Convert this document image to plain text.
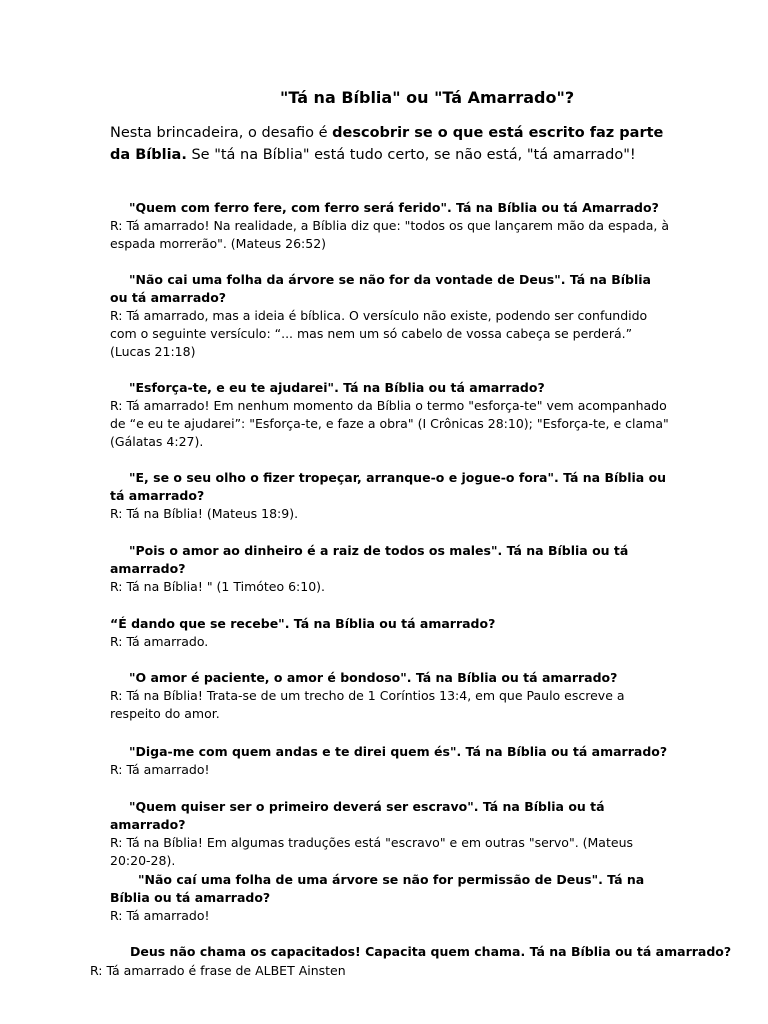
"Tá na Bíblia" ou "Tá Amarrado"?
Nesta brincadeira, o desafio é descobrir se o que está escrito faz parte da Bíblia. Se "tá na Bíblia" está tudo certo, se não está, "tá amarrado"!

"Quem com ferro fere, com ferro será ferido". Tá na Bíblia ou tá Amarrado?

R: Tá amarrado! Na realidade, a Bíblia diz que: "todos os que lançarem mão da espada, à espada morrerão". (Mateus 26:52)

"Não cai uma folha da árvore se não for da vontade de Deus". Tá na Bíblia ou tá amarrado?

R: Tá amarrado, mas a ideia é bíblica. O versículo não existe, podendo ser confundido com o seguinte versículo: “... mas nem um só cabelo de vossa cabeça se perderá.” (Lucas 21:18)

"Esforça-te, e eu te ajudarei". Tá na Bíblia ou tá amarrado?

R: Tá amarrado! Em nenhum momento da Bíblia o termo "esforça-te" vem acompanhado de “e eu te ajudarei”: "Esforça-te, e faze a obra" (I Crônicas 28:10); "Esforça-te, e clama" (Gálatas 4:27).

"E, se o seu olho o fizer tropeçar, arranque-o e jogue-o fora". Tá na Bíblia ou tá amarrado?

R: Tá na Bíblia! (Mateus 18:9).

"Pois o amor ao dinheiro é a raiz de todos os males". Tá na Bíblia ou tá amarrado?

R: Tá na Bíblia! " (1 Timóteo 6:10).

“É dando que se recebe". Tá na Bíblia ou tá amarrado?

R: Tá amarrado.

"O amor é paciente, o amor é bondoso". Tá na Bíblia ou tá amarrado?

R: Tá na Bíblia! Trata-se de um trecho de 1 Coríntios 13:4, em que Paulo escreve a respeito do amor.

"Diga-me com quem andas e te direi quem és". Tá na Bíblia ou tá amarrado?

R: Tá amarrado!

"Quem quiser ser o primeiro deverá ser escravo". Tá na Bíblia ou tá amarrado?

R: Tá na Bíblia! Em algumas traduções está "escravo" e em outras "servo". (Mateus 20:20-28).

"Não caí uma folha de uma árvore se não for permissão de Deus". Tá na Bíblia ou tá amarrado?

R: Tá amarrado!

Deus não chama os capacitados! Capacita quem chama. Tá na Bíblia ou tá amarrado?
R: Tá amarrado é frase de ALBET Ainsten
